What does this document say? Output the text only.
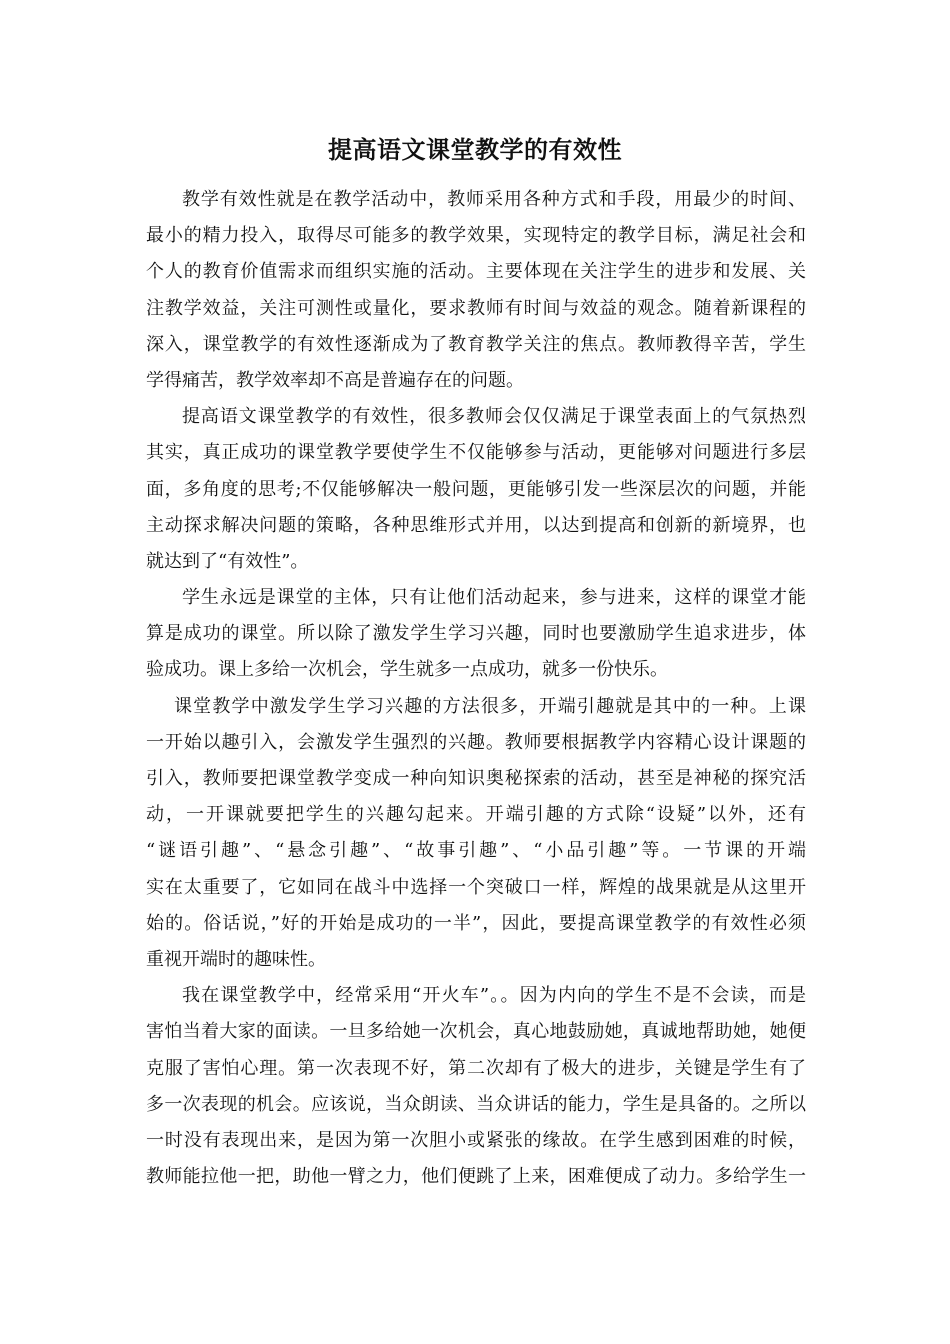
提高语文课堂教学的有效性
教学有效性就是在教学活动中，教师采用各种方式和手段，用最少的时间、
最小的精力投入，取得尽可能多的教学效果，实现特定的教学目标，满足社会和
个人的教育价值需求而组织实施的活动。主要体现在关注学生的进步和发展、关
注教学效益，关注可测性或量化，要求教师有时间与效益的观念。随着新课程的
深入，课堂教学的有效性逐渐成为了教育教学关注的焦点。教师教得辛苦，学生
学得痛苦，教学效率却不高是普遍存在的问题。
提高语文课堂教学的有效性，很多教师会仅仅满足于课堂表面上的气氛热烈
其实，真正成功的课堂教学要使学生不仅能够参与活动，更能够对问题进行多层
面，多角度的思考;不仅能够解决一般问题，更能够引发一些深层次的问题，并能
主动探求解决问题的策略，各种思维形式并用，以达到提高和创新的新境界，也
就达到了“有效性”。
学生永远是课堂的主体，只有让他们活动起来，参与进来，这样的课堂才能
算是成功的课堂。所以除了激发学生学习兴趣，同时也要激励学生追求进步，体
验成功。课上多给一次机会，学生就多一点成功，就多一份快乐。
课堂教学中激发学生学习兴趣的方法很多，开端引趣就是其中的一种。上课
一开始以趣引入，会激发学生强烈的兴趣。教师要根据教学内容精心设计课题的
引入，教师要把课堂教学变成一种向知识奥秘探索的活动，甚至是神秘的探究活
动，一开课就要把学生的兴趣勾起来。开端引趣的方式除“设疑”以外，还有
“谜语引趣”、“悬念引趣”、“故事引趣”、“小品引趣”等。一节课的开端
实在太重要了，它如同在战斗中选择一个突破口一样，辉煌的战果就是从这里开
始的。俗话说，”好的开始是成功的一半”，因此，要提高课堂教学的有效性必须
重视开端时的趣味性。
我在课堂教学中，经常采用“开火车”。。因为内向的学生不是不会读，而是
害怕当着大家的面读。一旦多给她一次机会，真心地鼓励她，真诚地帮助她，她便
克服了害怕心理。第一次表现不好，第二次却有了极大的进步，关键是学生有了
多一次表现的机会。应该说，当众朗读、当众讲话的能力，学生是具备的。之所以
一时没有表现出来，是因为第一次胆小或紧张的缘故。在学生感到困难的时候，
教师能拉他一把，助他一臂之力，他们便跳了上来，困难便成了动力。多给学生一
